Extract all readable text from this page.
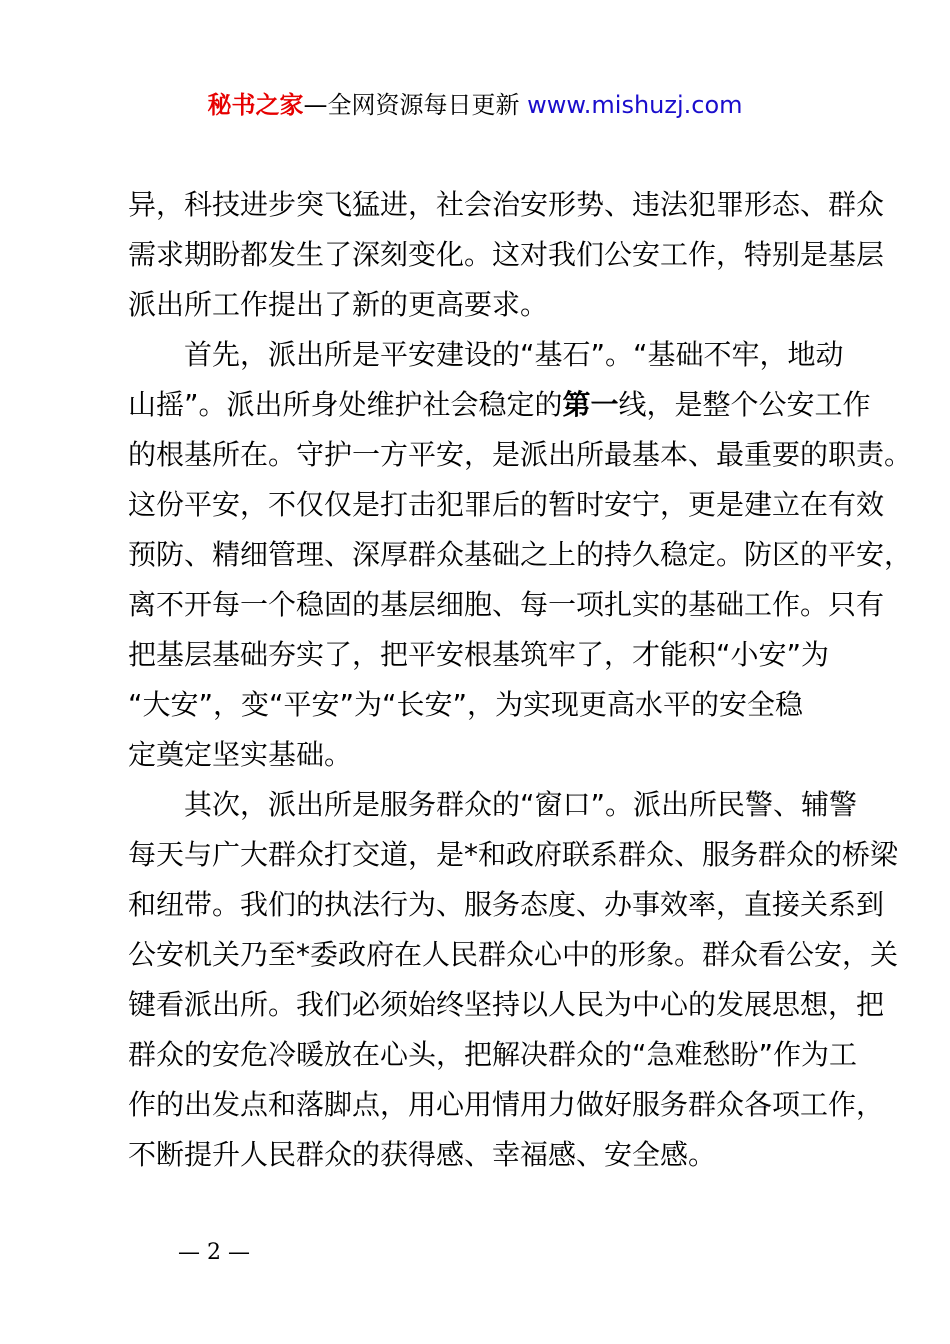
秘书之家—全网资源每日更新 www.mishuzj.com
异，科技进步突飞猛进，社会治安形势、违法犯罪形态、群众
需求期盼都发生了深刻变化。这对我们公安工作，特别是基层
派出所工作提出了新的更高要求。
　　首先，派出所是平安建设的“基石”。“基础不牢，地动
山摇”。派出所身处维护社会稳定的第一线，是整个公安工作
的根基所在。守护一方平安，是派出所最基本、最重要的职责。
这份平安，不仅仅是打击犯罪后的暂时安宁，更是建立在有效
预防、精细管理、深厚群众基础之上的持久稳定。防区的平安，
离不开每一个稳固的基层细胞、每一项扎实的基础工作。只有
把基层基础夯实了，把平安根基筑牢了，才能积“小安”为
“大安”，变“平安”为“长安”，为实现更高水平的安全稳
定奠定坚实基础。
　　其次，派出所是服务群众的“窗口”。派出所民警、辅警
每天与广大群众打交道，是*和政府联系群众、服务群众的桥梁
和纽带。我们的执法行为、服务态度、办事效率，直接关系到
公安机关乃至*委政府在人民群众心中的形象。群众看公安，关
键看派出所。我们必须始终坚持以人民为中心的发展思想，把
群众的安危冷暖放在心头，把解决群众的“急难愁盼”作为工
作的出发点和落脚点，用心用情用力做好服务群众各项工作，
不断提升人民群众的获得感、幸福感、安全感。
— 2 —
